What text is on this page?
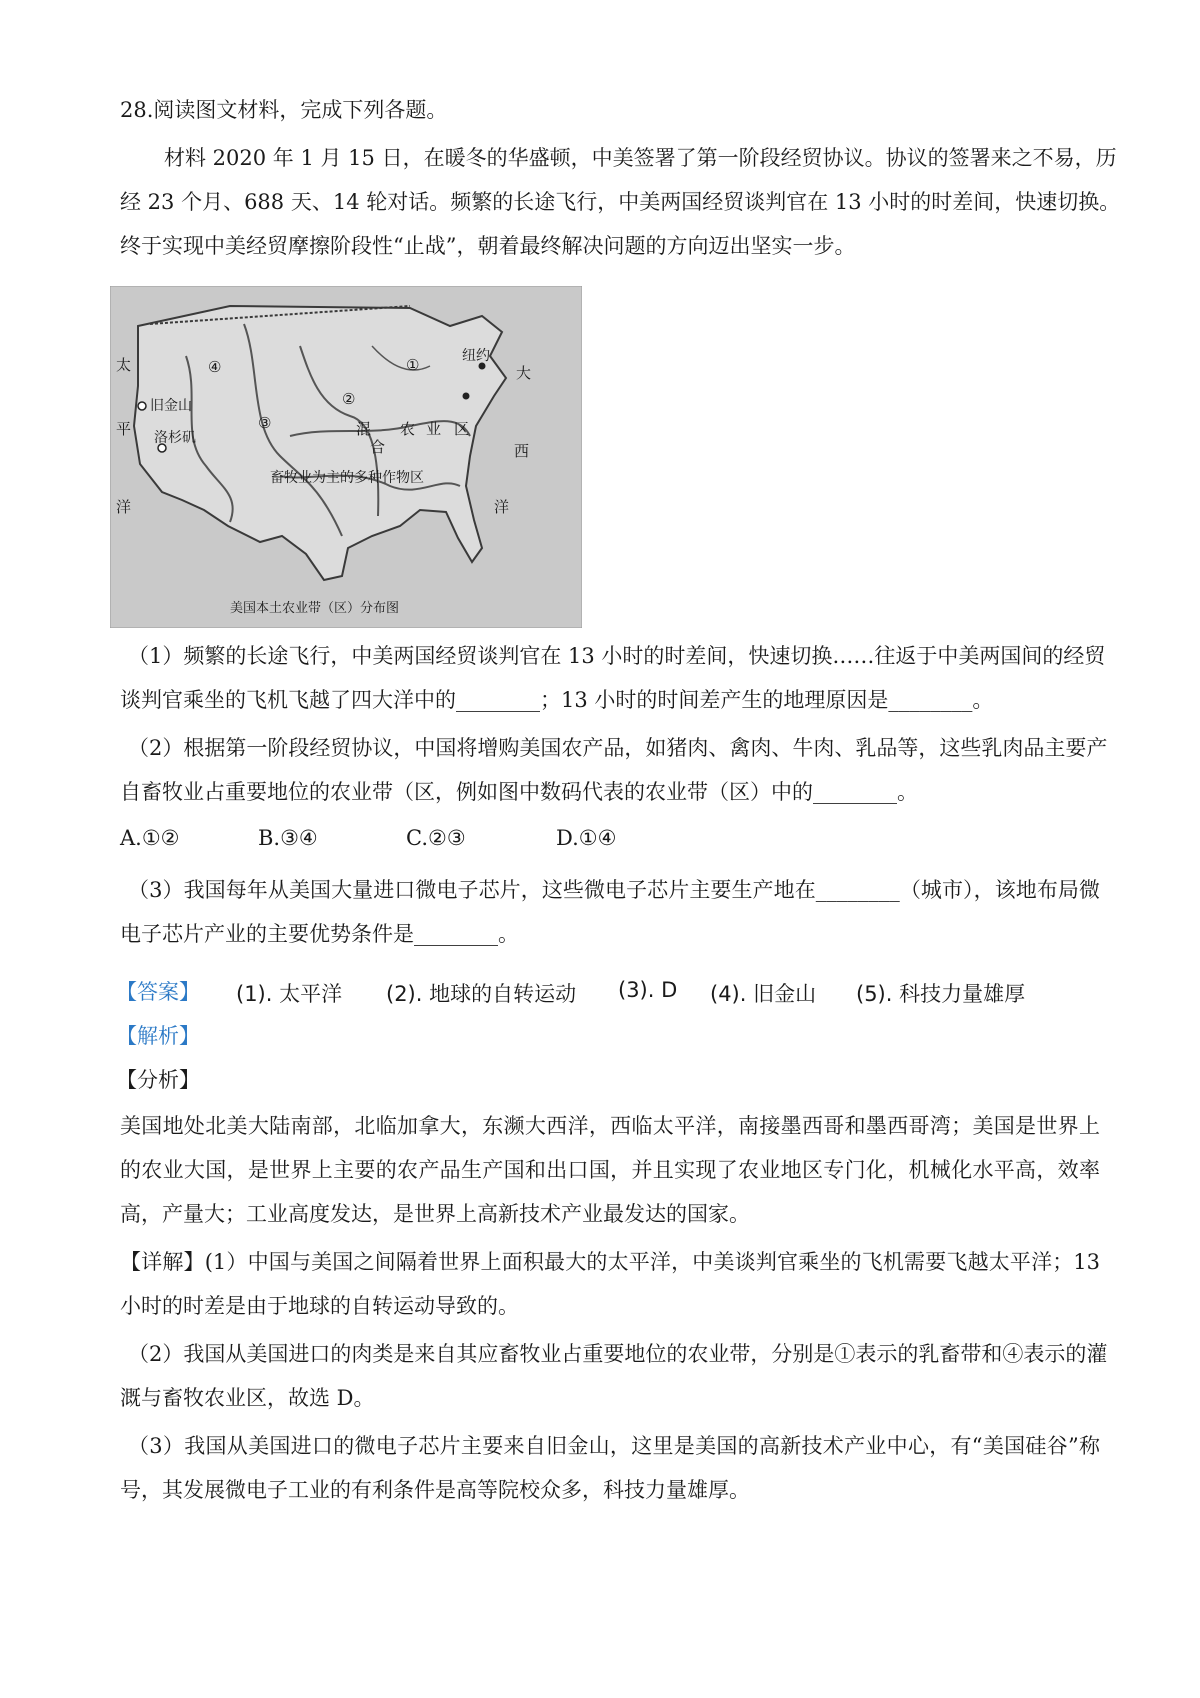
28.阅读图文材料，完成下列各题。
材料 2020 年 1 月 15 日，在暖冬的华盛顿，中美签署了第一阶段经贸协议。协议的签署来之不易，历
经 23 个月、688 天、14 轮对话。频繁的长途飞行，中美两国经贸谈判官在 13 小时的时差间，快速切换。
终于实现中美经贸摩擦阶段性“止战”，朝着最终解决问题的方向迈出坚实一步。
太
平
洋
大
西
洋
旧金山
洛杉矶
纽约
①
②
③
④
混
合
农 业 区
畜牧业为主的多种作物区
美国本土农业带（区）分布图
（1）频繁的长途飞行，中美两国经贸谈判官在 13 小时的时差间，快速切换……往返于中美两国间的经贸
谈判官乘坐的飞机飞越了四大洋中的________；13 小时的时间差产生的地理原因是________。
（2）根据第一阶段经贸协议，中国将增购美国农产品，如猪肉、禽肉、牛肉、乳品等，这些乳肉品主要产
自畜牧业占重要地位的农业带（区，例如图中数码代表的农业带（区）中的________。
A.①②	B.③④	C.②③	D.①④
（3）我国每年从美国大量进口微电子芯片，这些微电子芯片主要生产地在________（城市），该地布局微
电子芯片产业的主要优势条件是________。
【答案】 (1). 太平洋 (2). 地球的自转运动 (3). D (4). 旧金山 (5). 科技力量雄厚
【解析】
【分析】
美国地处北美大陆南部，北临加拿大，东濒大西洋，西临太平洋，南接墨西哥和墨西哥湾；美国是世界上
的农业大国，是世界上主要的农产品生产国和出口国，并且实现了农业地区专门化，机械化水平高，效率
高，产量大；工业高度发达，是世界上高新技术产业最发达的国家。
【详解】(1）中国与美国之间隔着世界上面积最大的太平洋，中美谈判官乘坐的飞机需要飞越太平洋；13
小时的时差是由于地球的自转运动导致的。
（2）我国从美国进口的肉类是来自其应畜牧业占重要地位的农业带，分别是①表示的乳畜带和④表示的灌
溉与畜牧农业区，故选 D。
（3）我国从美国进口的微电子芯片主要来自旧金山，这里是美国的高新技术产业中心，有“美国硅谷”称
号，其发展微电子工业的有利条件是高等院校众多，科技力量雄厚。
